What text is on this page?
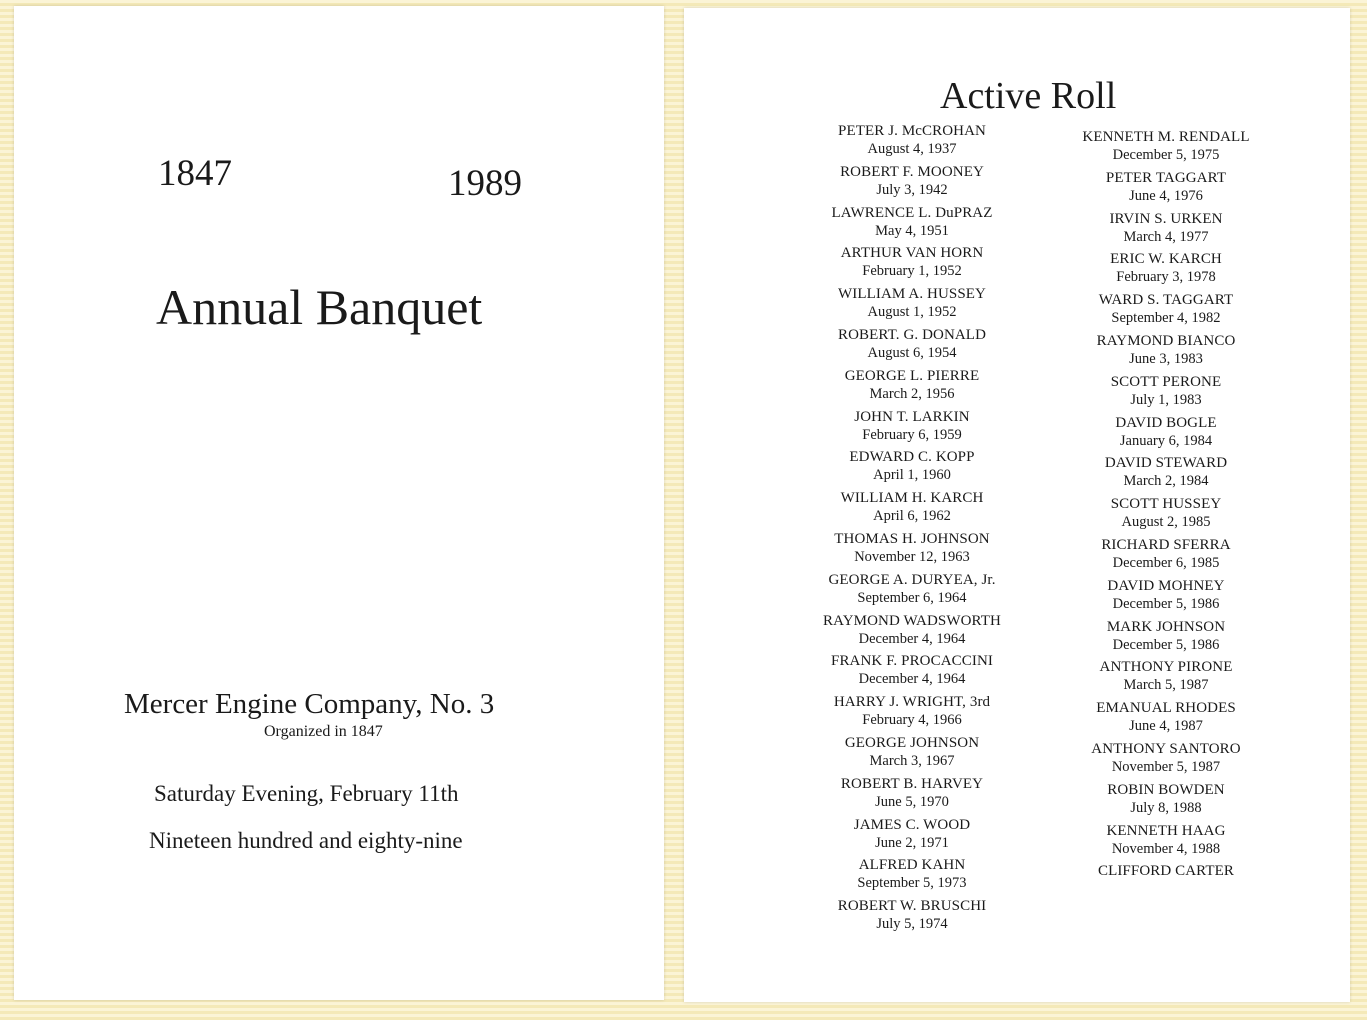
1847	1989
Annual Banquet
Mercer Engine Company, No. 3
Organized in 1847
Saturday Evening, February 11th
Nineteen hundred and eighty-nine
Active Roll
PETER J. McCROHAN
August 4, 1937
ROBERT F. MOONEY
July 3, 1942
LAWRENCE L. DuPRAZ
May 4, 1951
ARTHUR VAN HORN
February 1, 1952
WILLIAM A. HUSSEY
August 1, 1952
ROBERT. G. DONALD
August 6, 1954
GEORGE L. PIERRE
March 2, 1956
JOHN T. LARKIN
February 6, 1959
EDWARD C. KOPP
April 1, 1960
WILLIAM H. KARCH
April 6, 1962
THOMAS H. JOHNSON
November 12, 1963
GEORGE A. DURYEA, Jr.
September 6, 1964
RAYMOND WADSWORTH
December 4, 1964
FRANK F. PROCACCINI
December 4, 1964
HARRY J. WRIGHT, 3rd
February 4, 1966
GEORGE JOHNSON
March 3, 1967
ROBERT B. HARVEY
June 5, 1970
JAMES C. WOOD
June 2, 1971
ALFRED KAHN
September 5, 1973
ROBERT W. BRUSCHI
July 5, 1974
KENNETH M. RENDALL
December 5, 1975
PETER TAGGART
June 4, 1976
IRVIN S. URKEN
March 4, 1977
ERIC W. KARCH
February 3, 1978
WARD S. TAGGART
September 4, 1982
RAYMOND BIANCO
June 3, 1983
SCOTT PERONE
July 1, 1983
DAVID BOGLE
January 6, 1984
DAVID STEWARD
March 2, 1984
SCOTT HUSSEY
August 2, 1985
RICHARD SFERRA
December 6, 1985
DAVID MOHNEY
December 5, 1986
MARK JOHNSON
December 5, 1986
ANTHONY PIRONE
March 5, 1987
EMANUAL RHODES
June 4, 1987
ANTHONY SANTORO
November 5, 1987
ROBIN BOWDEN
July 8, 1988
KENNETH HAAG
November 4, 1988
CLIFFORD CARTER
